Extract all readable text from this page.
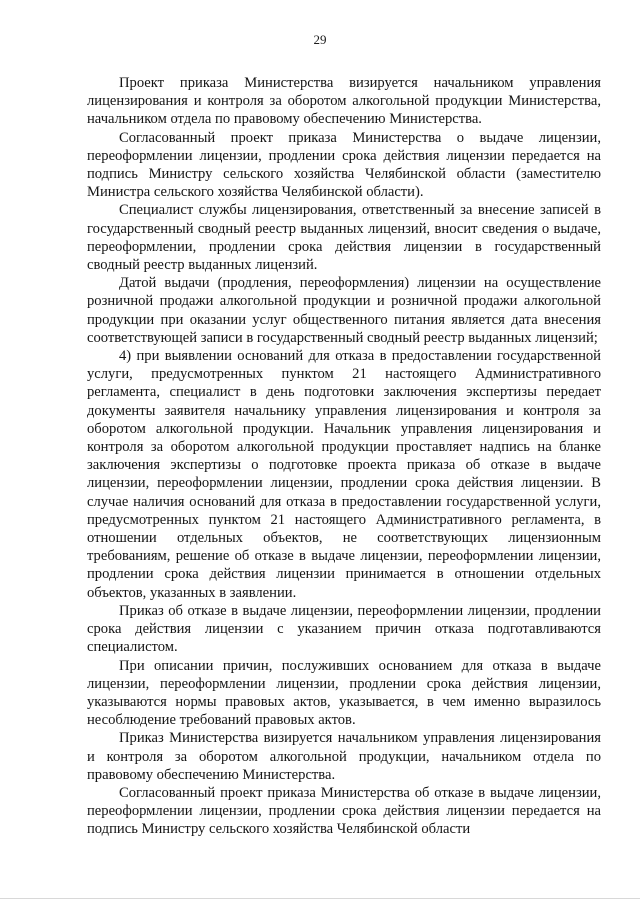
29

Проект приказа Министерства визируется начальником управления лицензирования и контроля за оборотом алкогольной продукции Министерства, начальником отдела по правовому обеспечению Министерства.

Согласованный проект приказа Министерства о выдаче лицензии, переоформлении лицензии, продлении срока действия лицензии передается на подпись Министру сельского хозяйства Челябинской области (заместителю Министра сельского хозяйства Челябинской области).

Специалист службы лицензирования, ответственный за внесение записей в государственный сводный реестр выданных лицензий, вносит сведения о выдаче, переоформлении, продлении срока действия лицензии в государственный сводный реестр выданных лицензий.

Датой выдачи (продления, переоформления) лицензии на осуществление розничной продажи алкогольной продукции и розничной продажи алкогольной продукции при оказании услуг общественного питания является дата внесения соответствующей записи в государственный сводный реестр выданных лицензий;

4) при выявлении оснований для отказа в предоставлении государственной услуги, предусмотренных пунктом 21 настоящего Административного регламента, специалист в день подготовки заключения экспертизы передает документы заявителя начальнику управления лицензирования и контроля за оборотом алкогольной продукции. Начальник управления лицензирования и контроля за оборотом алкогольной продукции проставляет надпись на бланке заключения экспертизы о подготовке проекта приказа об отказе в выдаче лицензии, переоформлении лицензии, продлении срока действия лицензии. В случае наличия оснований для отказа в предоставлении государственной услуги, предусмотренных пунктом 21 настоящего Административного регламента, в отношении отдельных объектов, не соответствующих лицензионным требованиям, решение об отказе в выдаче лицензии, переоформлении лицензии, продлении срока действия лицензии принимается в отношении отдельных объектов, указанных в заявлении.

Приказ об отказе в выдаче лицензии, переоформлении лицензии, продлении срока действия лицензии с указанием причин отказа подготавливаются специалистом.

При описании причин, послуживших основанием для отказа в выдаче лицензии, переоформлении лицензии, продлении срока действия лицензии, указываются нормы правовых актов, указывается, в чем именно выразилось несоблюдение требований правовых актов.

Приказ Министерства визируется начальником управления лицензирования и контроля за оборотом алкогольной продукции, начальником отдела по правовому обеспечению Министерства.

Согласованный проект приказа Министерства об отказе в выдаче лицензии, переоформлении лицензии, продлении срока действия лицензии передается на подпись Министру сельского хозяйства Челябинской области
